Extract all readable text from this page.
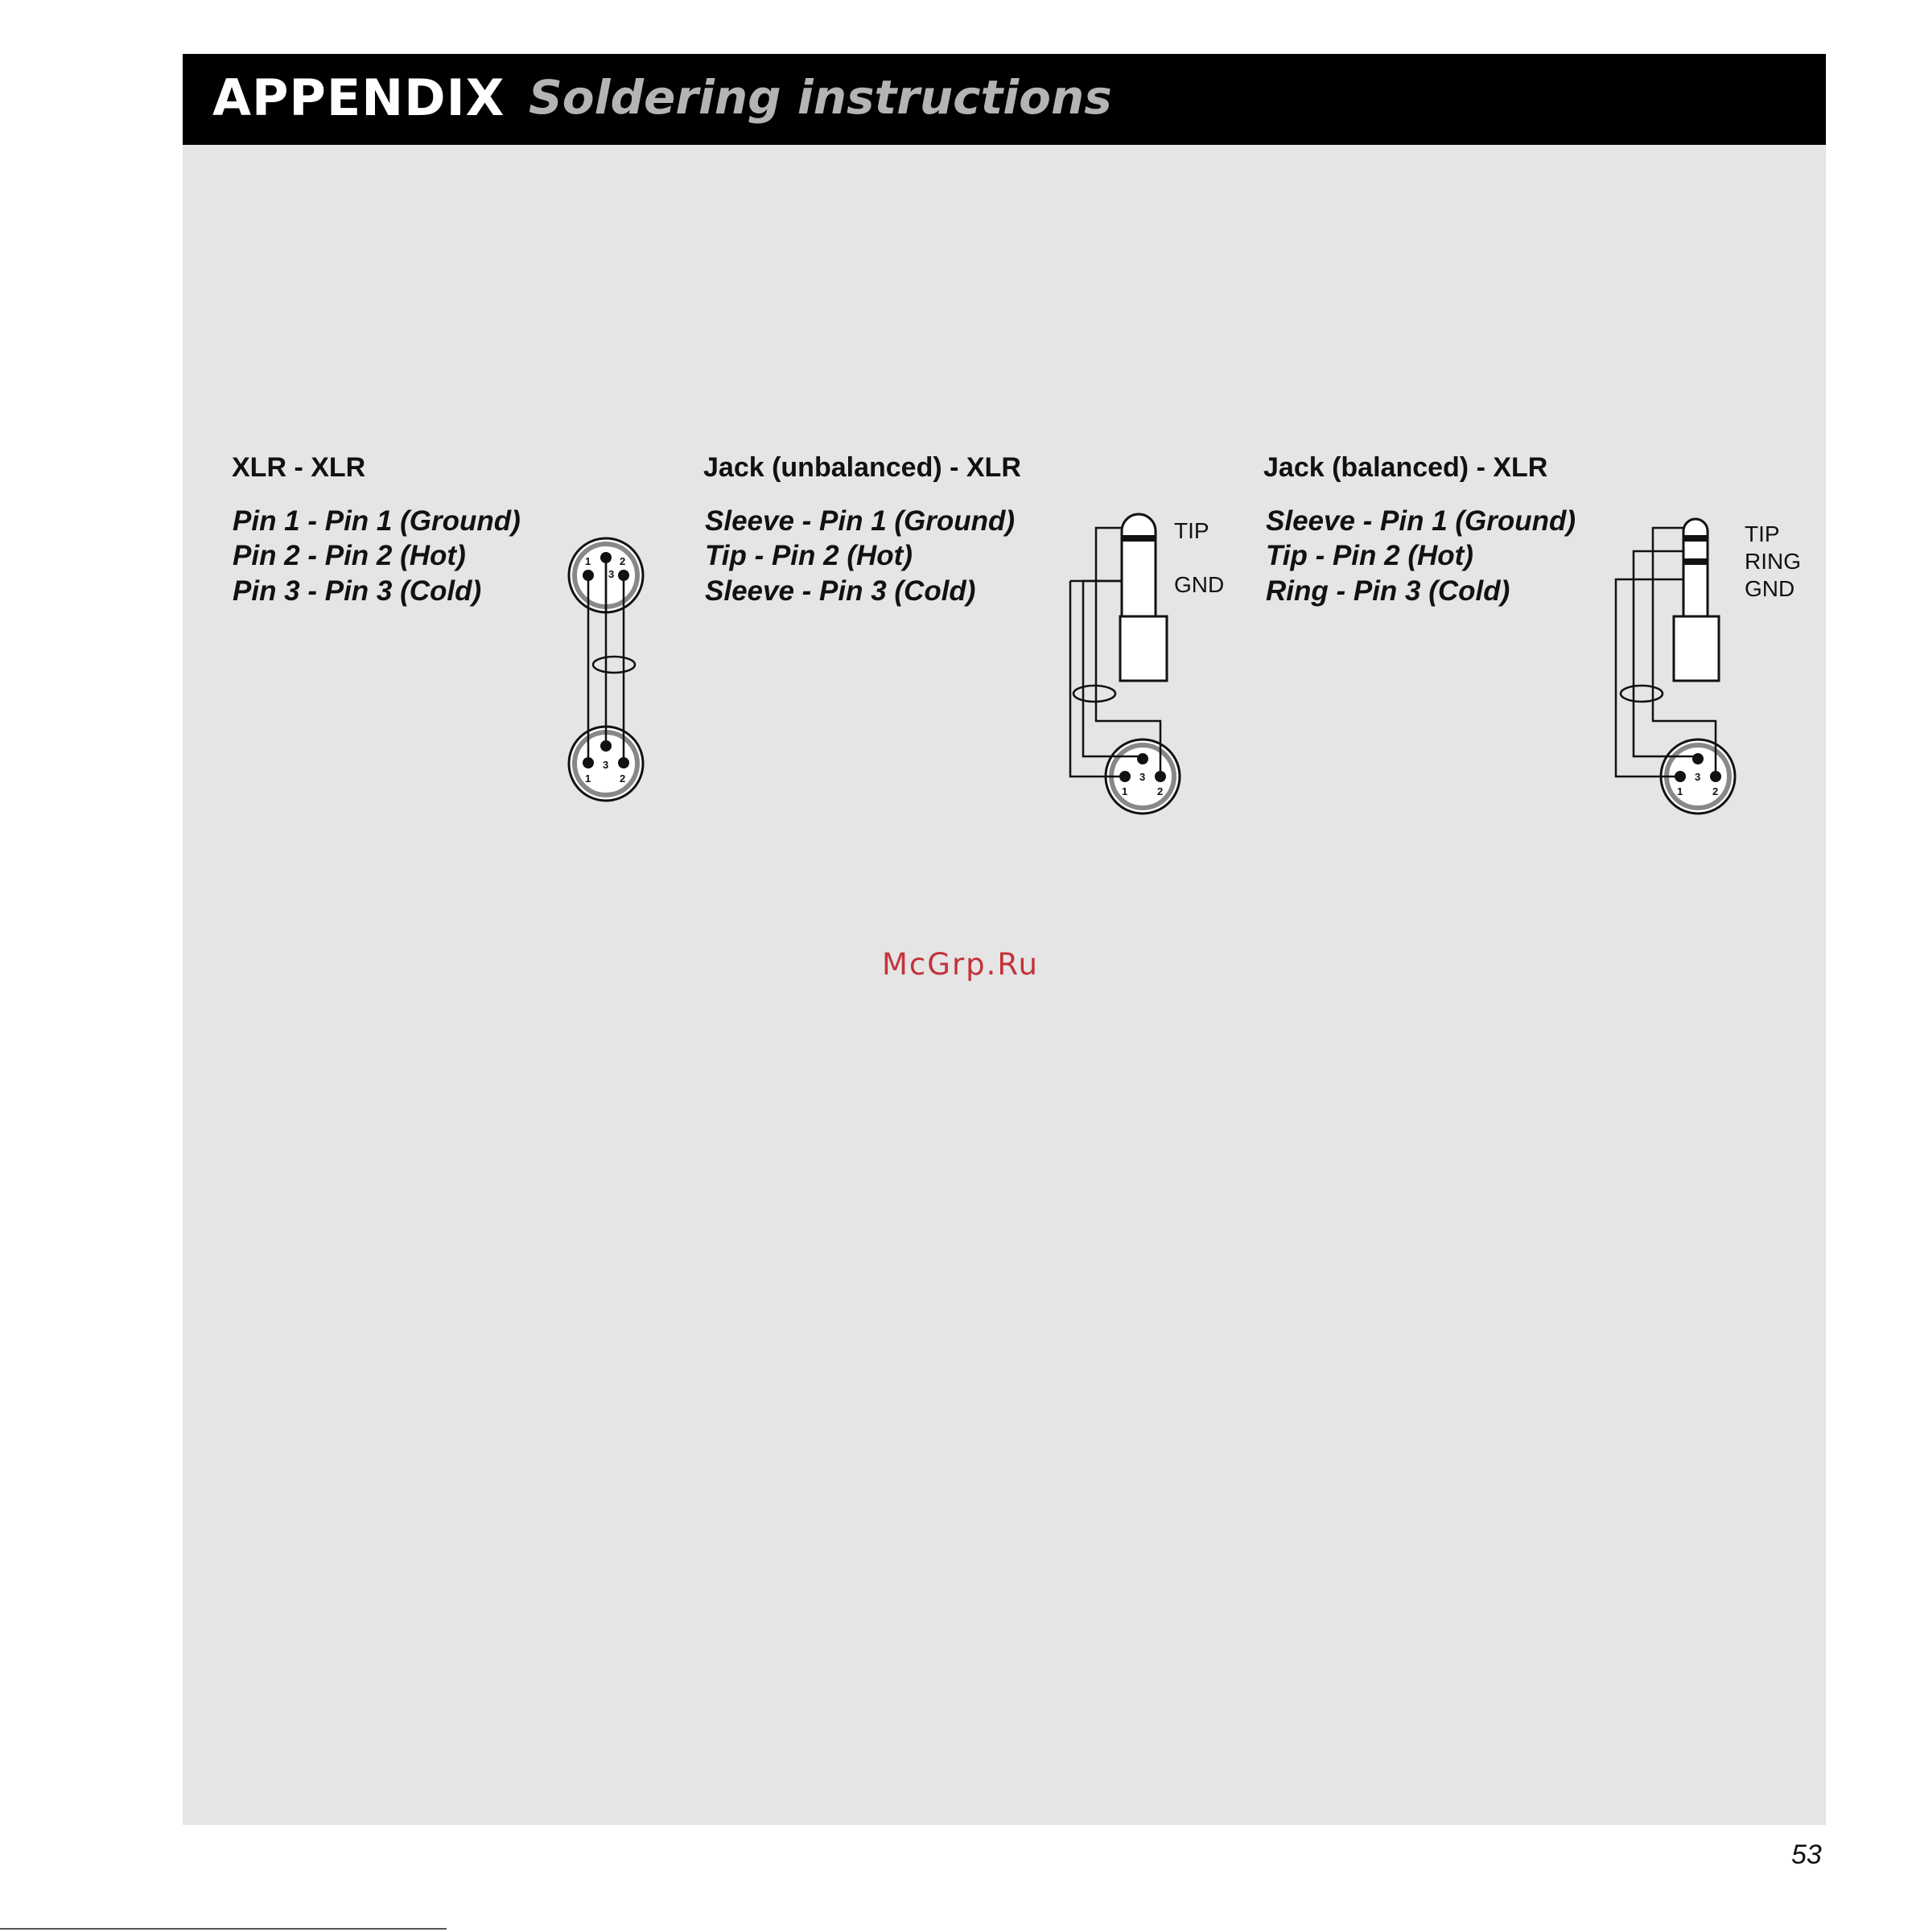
APPENDIX Soldering instructions
XLR - XLR
Pin 1 - Pin 1 (Ground)
Pin 2 - Pin 2 (Hot)
Pin 3 - Pin 3 (Cold)
Jack (unbalanced) - XLR
Sleeve - Pin 1 (Ground)
Tip - Pin 2 (Hot)
Sleeve - Pin 3 (Cold)
TIP
GND
Jack (balanced) - XLR
Sleeve - Pin 1 (Ground)
Tip - Pin 2 (Hot)
Ring - Pin 3 (Cold)
TIP
RING
GND
1	2
3
3
1	2	3
1	2
3
1	2
McGrp.Ru
53
